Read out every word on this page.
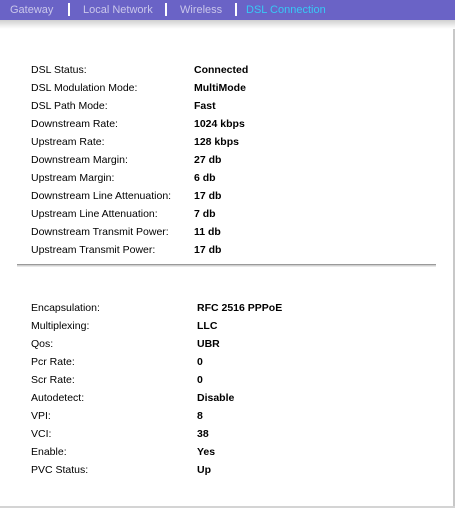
Gateway	Local Network Wireless DSL Connection
DSL Status:	Connected
DSL Modulation Mode:	MultiMode
DSL Path Mode:	Fast
Downstream Rate:	1024 kbps
Upstream Rate:	128 kbps
Downstream Margin:	27 db
Upstream Margin:	6 db
Downstream Line Attenuation: 17 db
Upstream Line Attenuation:	7 db
Downstream Transmit Power: 11 db
Upstream Transmit Power:	17 db
Encapsulation:	RFC 2516 PPPoE
Multiplexing:	LLC
Qos:	UBR
Pcr Rate:	0
Scr Rate:	0
Autodetect:	Disable
VPI:	8
VCI:	38
Enable:	Yes
PVC Status:	Up
